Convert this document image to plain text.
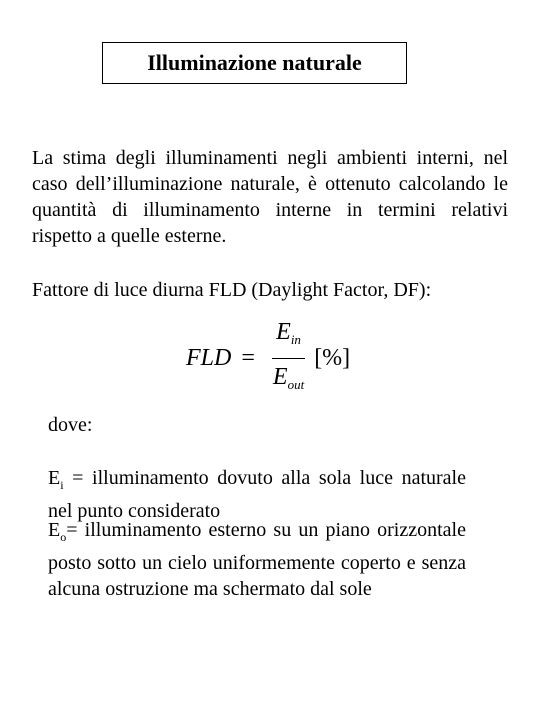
Illuminazione naturale
La stima degli illuminamenti negli ambienti interni, nel caso dell’illuminazione naturale, è ottenuto calcolando le quantità di illuminamento interne in termini relativi rispetto a quelle esterne.
Fattore di luce diurna FLD (Daylight Factor, DF):
FLD = $\frac{E_{in}}{E_{out}}$ [%]
dove:
$E_i$ = illuminamento dovuto alla sola luce naturale nel punto considerato
$E_o=$ illuminamento esterno su un piano orizzontale posto sotto un cielo uniformemente coperto e senza alcuna ostruzione ma schermato dal sole
